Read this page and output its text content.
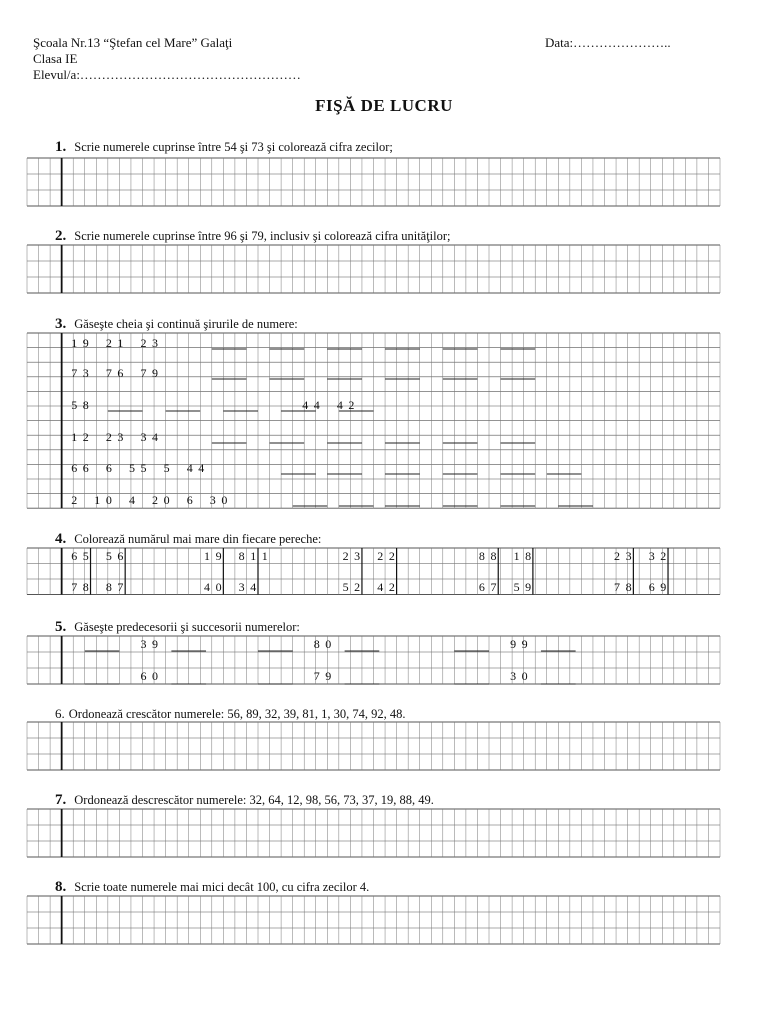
Şcoala Nr.13 “Ştefan cel Mare” Galaţi
Clasa IE
Elevul/a:……………………………………………
Data:…………………..
FIŞĂ DE LUCRU
1. Scrie numerele cuprinse între 54 şi 73 şi colorează cifra zecilor;
2. Scrie numerele cuprinse între 96 şi 79, inclusiv şi colorează cifra unităţilor;
3. Găseşte cheia şi continuă şirurile de numere:
4. Colorează numărul mai mare din fiecare pereche:
5. Găseşte predecesorii şi succesorii numerelor:
6. Ordonează crescător numerele: 56, 89, 32, 39, 81, 1, 30, 74, 92, 48.
7. Ordonează descrescător numerele: 32, 64, 12, 98, 56, 73, 37, 19, 88, 49.
8. Scrie toate numerele mai mici decât 100, cu cifra zecilor 4.
1 9 2 1 2 3
7 3 7 6 7 9
5 8	4 4 4 2
1 2 2 3 3 4
6 6 6 5 5 5 4 4
2 1 0 4 2 0 6 3 0
6 5 5 6
7 8 8 7
1 9 8 1 1
4 0 3 4
2 3 2 2
5 2 4 2
8 8 1 8
6 7 5 9
2 3 3 2
7 8 6 9
3 9
6 0
8 0
7 9
9 9
3 0
